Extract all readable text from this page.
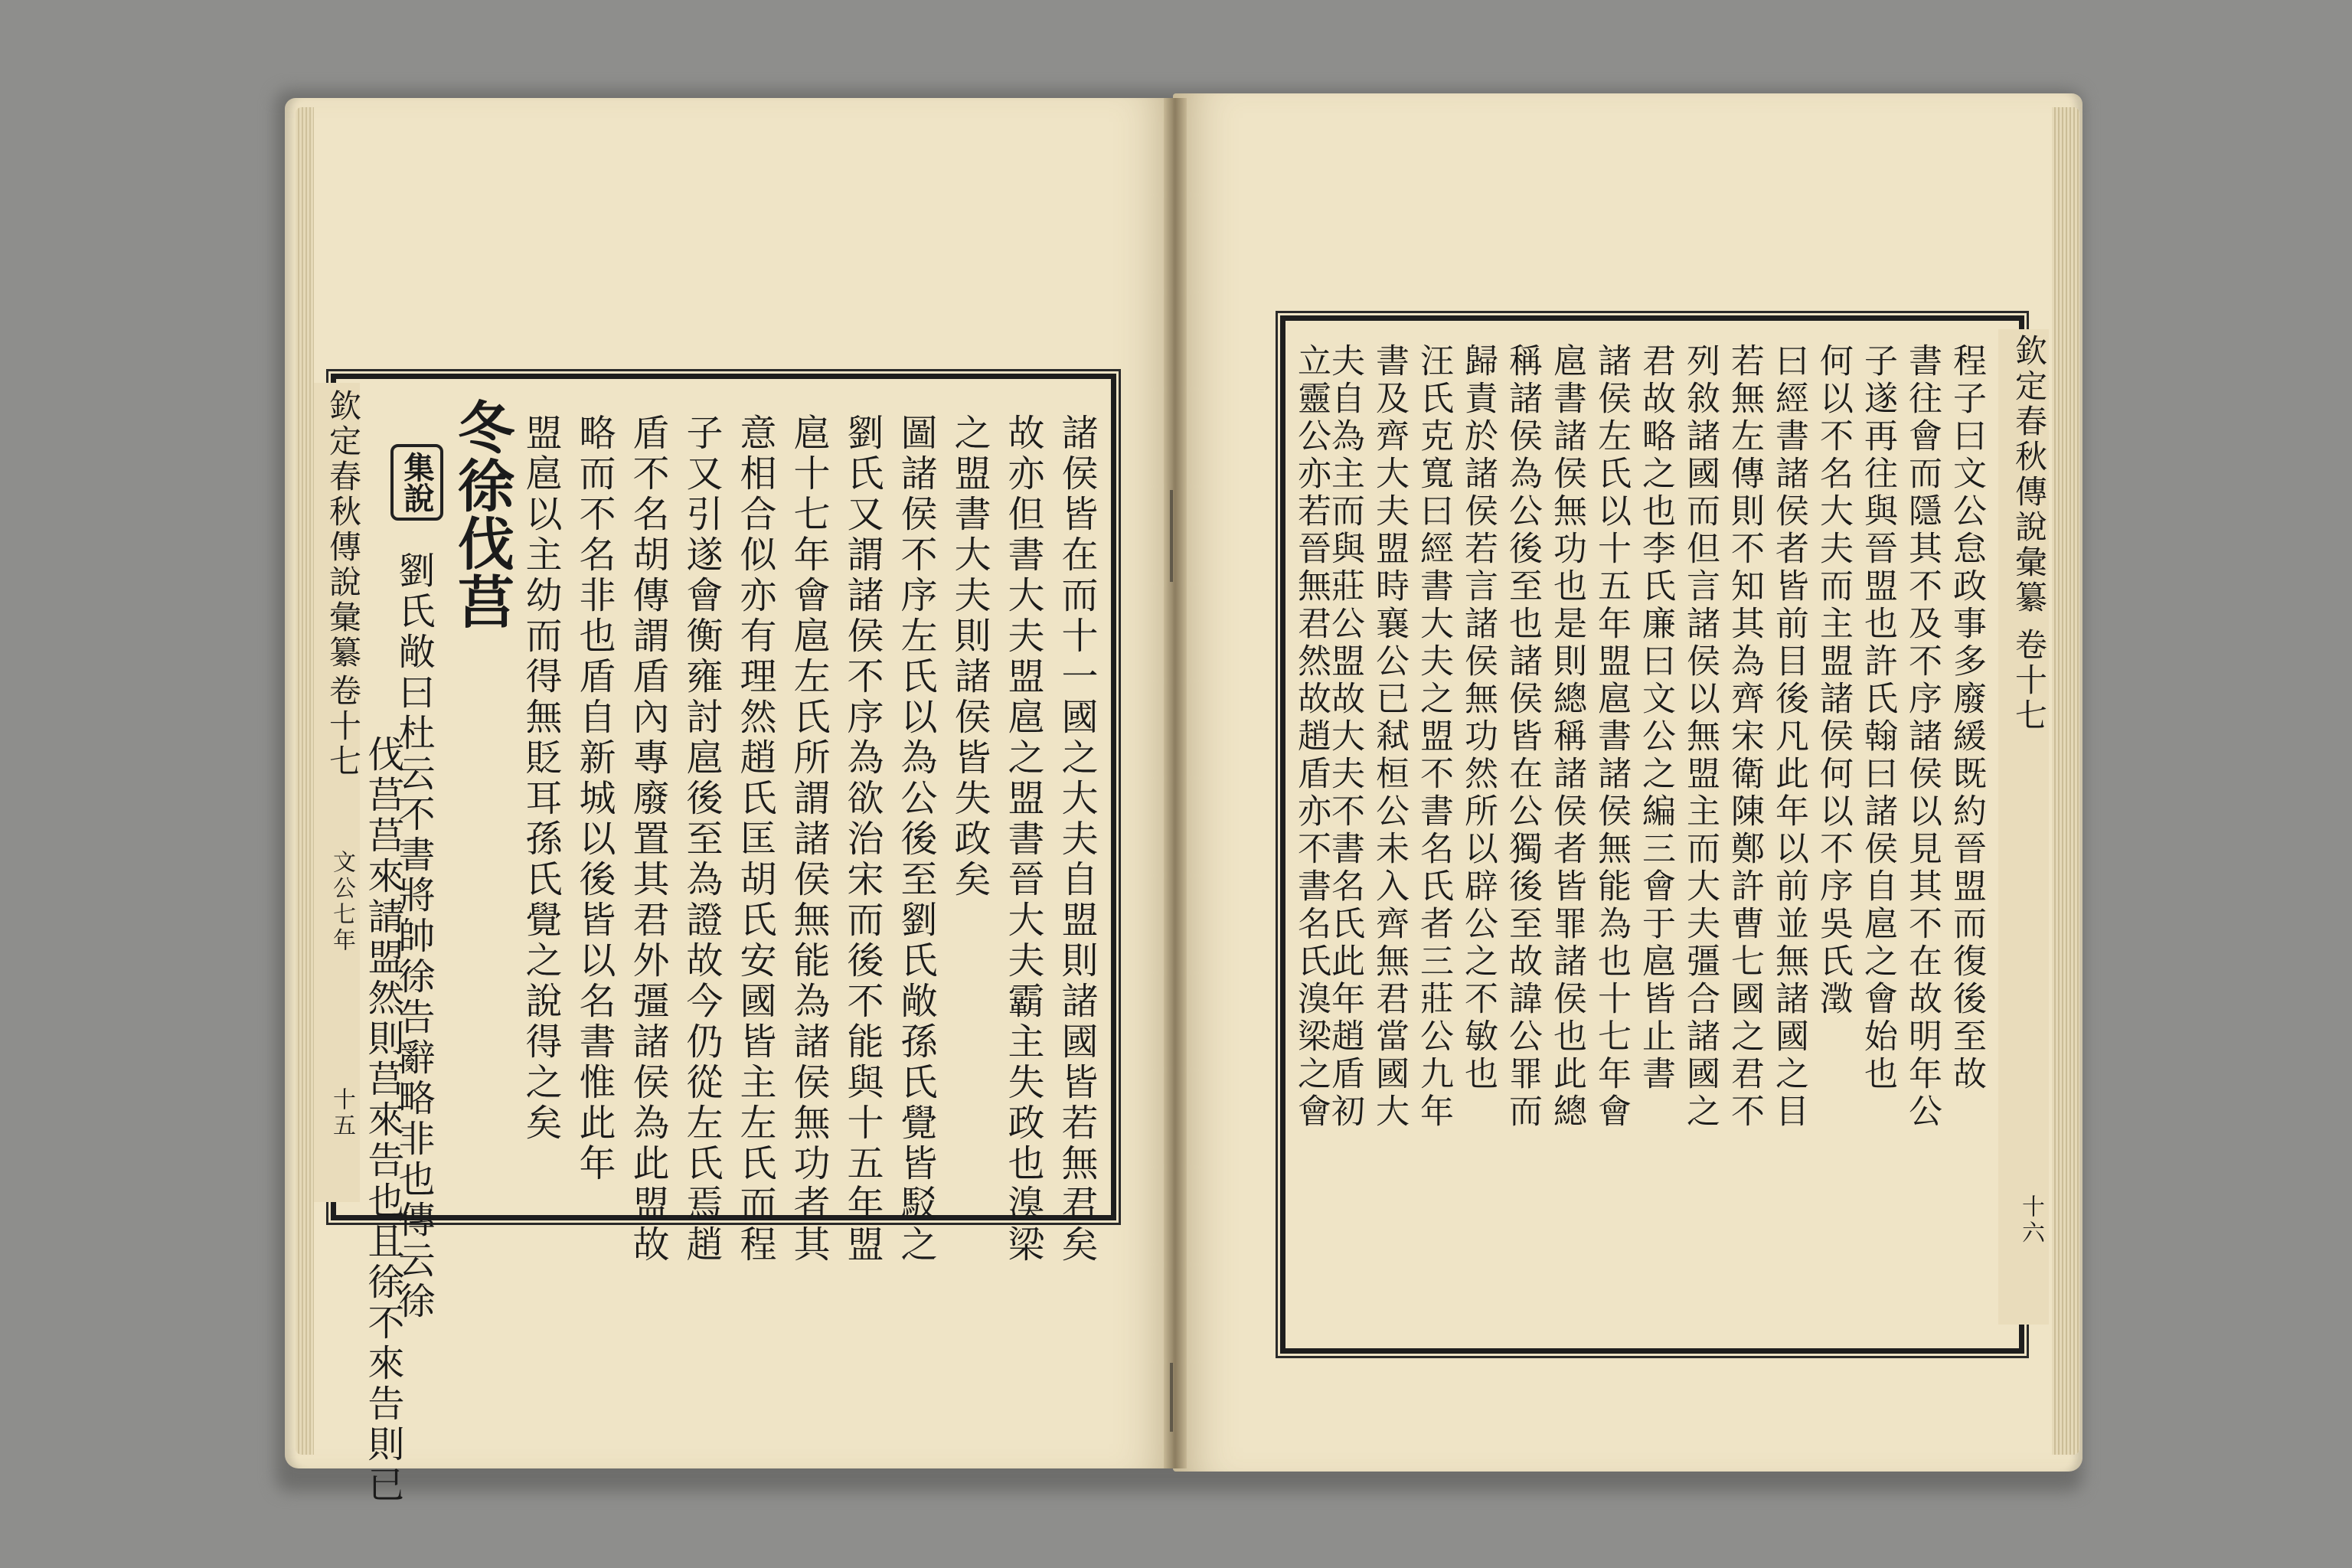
欽定春秋傳說彙纂
卷十七
文公七年
十五	諸侯皆在而十一國之大夫自盟則諸國皆若無君矣
故亦但書大夫盟扈之盟書晉大夫霸主失政也溴梁
之盟書大夫則諸侯皆失政矣
圖諸侯不序左氏以為公後至劉氏敞孫氏覺皆駁之
劉氏又謂諸侯不序為欲治宋而後不能與十五年盟
扈十七年會扈左氏所謂諸侯無能為諸侯無功者其
意相合似亦有理然趙氏匡胡氏安國皆主左氏而程
子又引遂會衡雍討扈後至為證故今仍從左氏焉趙
盾不名胡傳謂盾內專廢置其君外彊諸侯為此盟故
略而不名非也盾自新城以後皆以名書惟此年
盟扈以主幼而得無貶耳孫氏覺之說得之矣
冬徐伐莒
集說
劉氏敞曰杜云不書將帥徐告辭略非也傳云徐
伐莒莒來請盟然則莒來告也且徐不來告則已
欽定春秋傳說彙纂
卷十七
十六
程子曰文公怠政事多廢緩既約晉盟而復後至故
書往會而隱其不及不序諸侯以見其不在故明年公
子遂再往與晉盟也許氏翰曰諸侯自扈之會始也
何以不名大夫而主盟諸侯何以不序吳氏澂
曰經書諸侯者皆前目後凡此年以前並無諸國之目
若無左傳則不知其為齊宋衛陳鄭許曹七國之君不
列敘諸國而但言諸侯以無盟主而大夫彊合諸國之
君故略之也李氏廉曰文公之編三會于扈皆止書
諸侯左氏以十五年盟扈書諸侯無能為也十七年會
扈書諸侯無功也是則總稱諸侯者皆罪諸侯也此總
稱諸侯為公後至也諸侯皆在公獨後至故諱公罪而
歸責於諸侯若言諸侯無功然所以辟公之不敏也
汪氏克寬曰經書大夫之盟不書名氏者三莊公九年
書及齊大夫盟時襄公已弒桓公未入齊無君當國大
夫自為主而與莊公盟故大夫不書名氏此年趙盾初
立靈公亦若晉無君然故趙盾亦不書名氏溴梁之會
